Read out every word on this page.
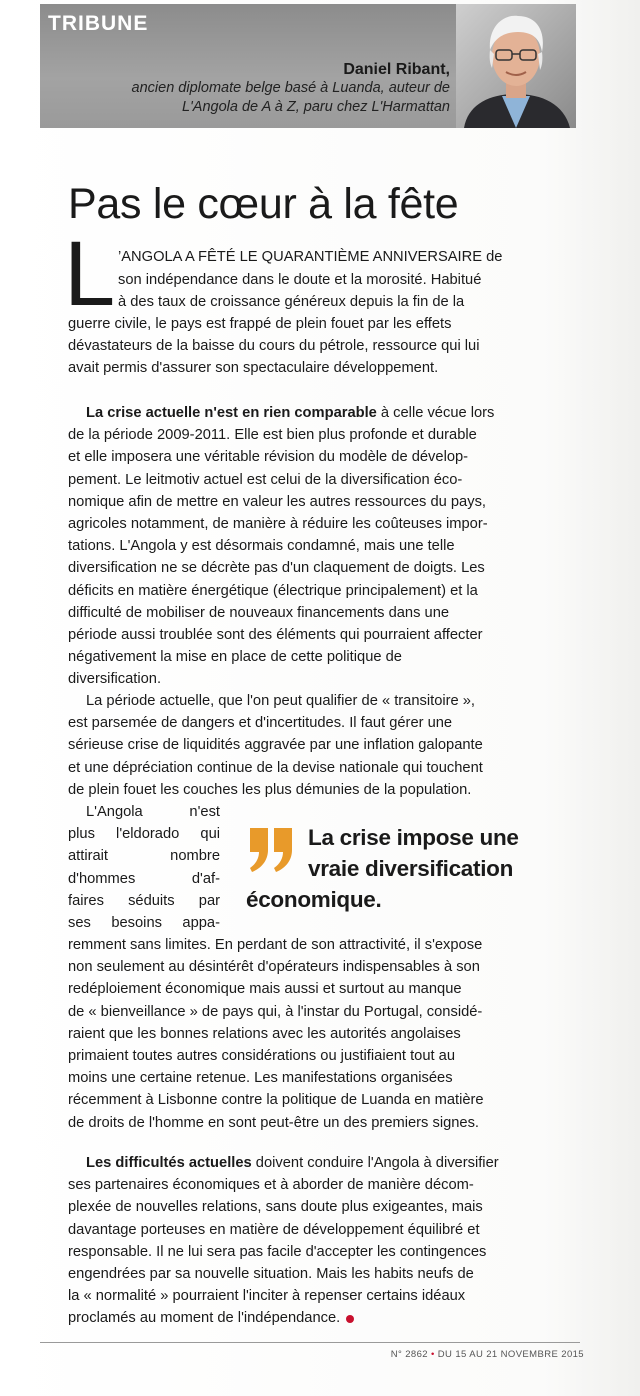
TRIBUNE
Daniel Ribant,
ancien diplomate belge basé à Luanda, auteur de
L'Angola de A à Z, paru chez L'Harmattan
Pas le cœur à la fête
L ’ANGOLA A FÊTÉ LE QUARANTIÈME ANNIVERSAIRE de
son indépendance dans le doute et la morosité. Habitué
à des taux de croissance généreux depuis la fin de la
guerre civile, le pays est frappé de plein fouet par les effets
dévastateurs de la baisse du cours du pétrole, ressource qui lui
avait permis d'assurer son spectaculaire développement.
La crise actuelle n'est en rien comparable à celle vécue lors
de la période 2009-2011. Elle est bien plus profonde et durable
et elle imposera une véritable révision du modèle de dévelop-
pement. Le leitmotiv actuel est celui de la diversification éco-
nomique afin de mettre en valeur les autres ressources du pays,
agricoles notamment, de manière à réduire les coûteuses impor-
tations. L'Angola y est désormais condamné, mais une telle
diversification ne se décrète pas d'un claquement de doigts. Les
déficits en matière énergétique (électrique principalement) et la
difficulté de mobiliser de nouveaux financements dans une
période aussi troublée sont des éléments qui pourraient affecter
négativement la mise en place de cette politique de
diversification.
La période actuelle, que l'on peut qualifier de « transitoire »,
est parsemée de dangers et d'incertitudes. Il faut gérer une
sérieuse crise de liquidités aggravée par une inflation galopante
et une dépréciation continue de la devise nationale qui touchent
de plein fouet les couches les plus démunies de la population.
L'Angola n'est
plus l'eldorado qui
attirait nombre
d'hommes d'af-
faires séduits par
ses besoins appa-
La crise impose une
vraie diversification
économique.
remment sans limites. En perdant de son attractivité, il s'expose
non seulement au désintérêt d'opérateurs indispensables à son
redéploiement économique mais aussi et surtout au manque
de « bienveillance » de pays qui, à l'instar du Portugal, considé-
raient que les bonnes relations avec les autorités angolaises
primaient toutes autres considérations ou justifiaient tout au
moins une certaine retenue. Les manifestations organisées
récemment à Lisbonne contre la politique de Luanda en matière
de droits de l'homme en sont peut-être un des premiers signes.
Les difficultés actuelles doivent conduire l'Angola à diversifier
ses partenaires économiques et à aborder de manière décom-
plexée de nouvelles relations, sans doute plus exigeantes, mais
davantage porteuses en matière de développement équilibré et
responsable. Il ne lui sera pas facile d'accepter les contingences
engendrées par sa nouvelle situation. Mais les habits neufs de
la « normalité » pourraient l'inciter à repenser certains idéaux
proclamés au moment de l'indépendance.
N° 2862 • DU 15 AU 21 NOVEMBRE 2015
